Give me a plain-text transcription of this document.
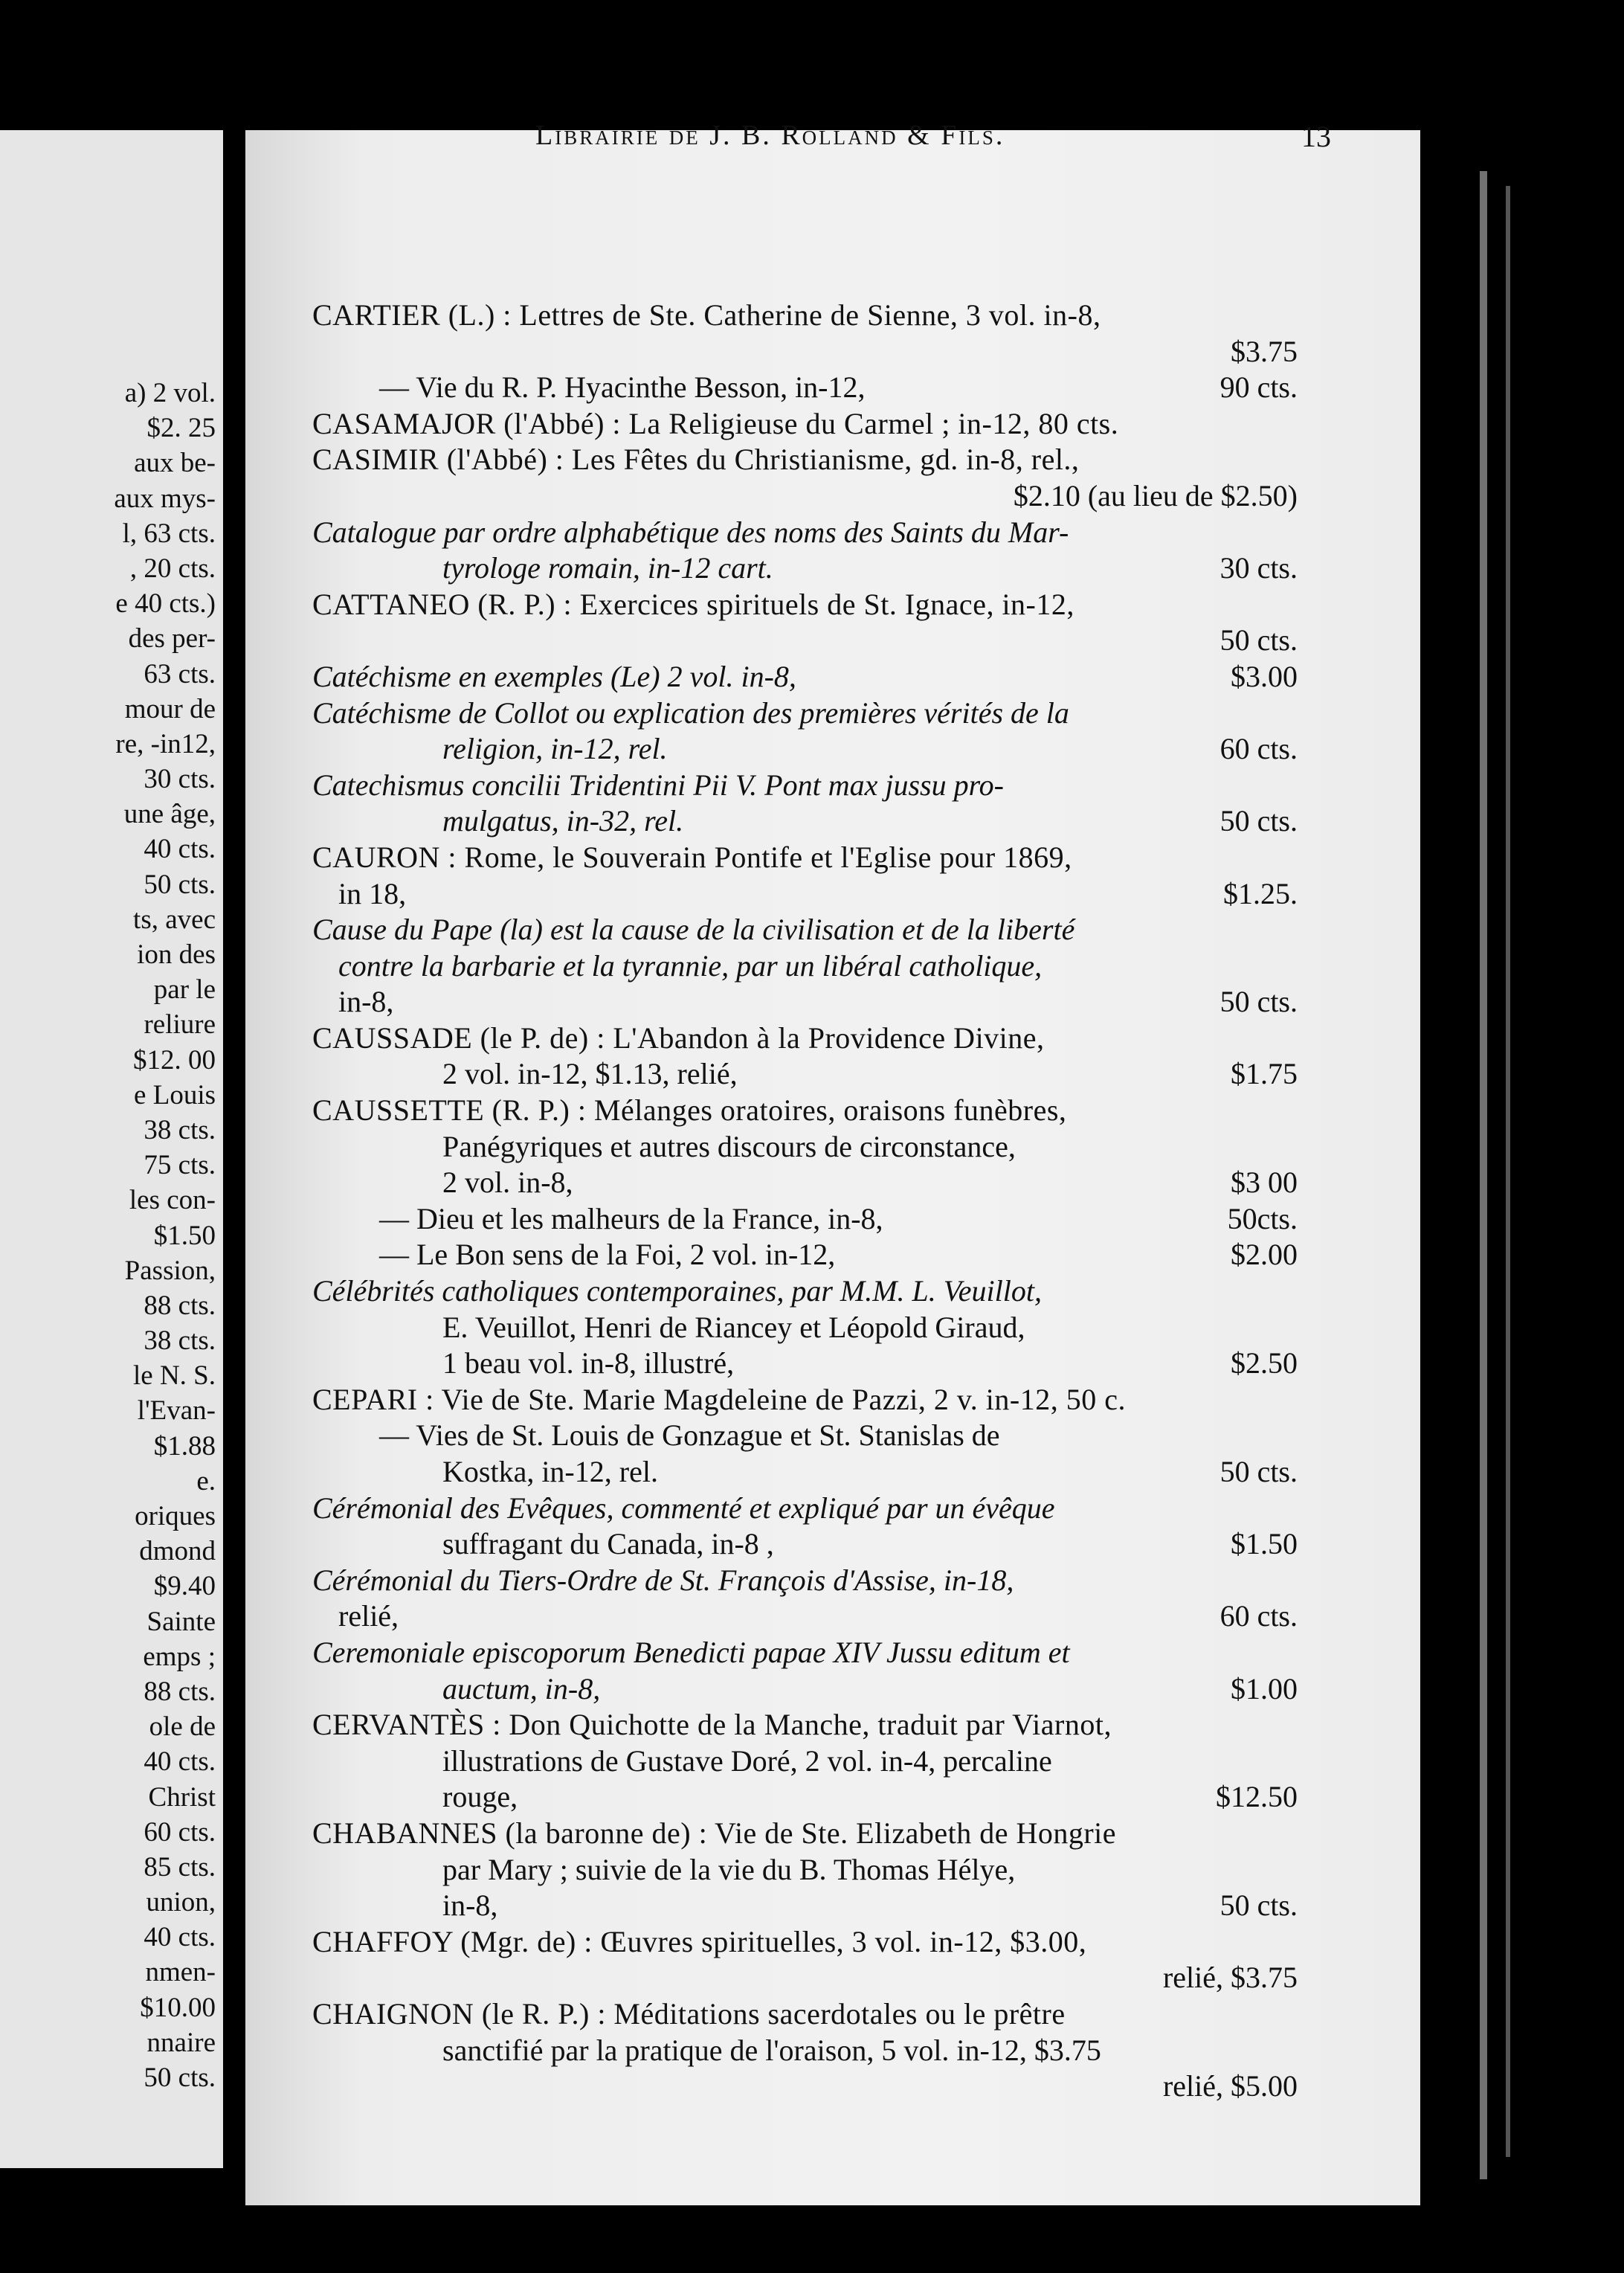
a) 2 vol.
$2. 25
aux be-
aux mys-
l, 63 cts.
, 20 cts.
e 40 cts.)
des per-
63 cts.
mour de
re, -in12,
30 cts.
une âge,
40 cts.
50 cts.
ts, avec
ion des
par le
reliure
$12. 00
e Louis
38 cts.
75 cts.
les con-
$1.50
Passion,
88 cts.
38 cts.
le N. S.
l'Evan-
$1.88
e.
oriques
dmond
$9.40
Sainte
emps ;
88 cts.
ole de
40 cts.
Christ
60 cts.
85 cts.
union,
40 cts.
nmen-
$10.00
nnaire
50 cts.
Librairie de J. B. Rolland & Fils.	13
CARTIER (L.) : Lettres de Ste. Catherine de Sienne, 3 vol. in-8,
$3.75
— Vie du R. P. Hyacinthe Besson, in-12,	90 cts.
CASAMAJOR (l'Abbé) : La Religieuse du Carmel ; in-12, 80 cts.
CASIMIR (l'Abbé) : Les Fêtes du Christianisme, gd. in-8, rel.,
$2.10 (au lieu de $2.50)
Catalogue par ordre alphabétique des noms des Saints du Mar-
tyrologe romain, in-12 cart.	30 cts.
CATTANEO (R. P.) : Exercices spirituels de St. Ignace, in-12,
50 cts.
Catéchisme en exemples (Le) 2 vol. in-8,	$3.00
Catéchisme de Collot ou explication des premières vérités de la
religion, in-12, rel.	60 cts.
Catechismus concilii Tridentini Pii V. Pont max jussu pro-
mulgatus, in-32, rel.	50 cts.
CAURON : Rome, le Souverain Pontife et l'Eglise pour 1869,
in 18,	$1.25.
Cause du Pape (la) est la cause de la civilisation et de la liberté
contre la barbarie et la tyrannie, par un libéral catholique,
in-8,	50 cts.
CAUSSADE (le P. de) : L'Abandon à la Providence Divine,
2 vol. in-12, $1.13, relié,	$1.75
CAUSSETTE (R. P.) : Mélanges oratoires, oraisons funèbres,
Panégyriques et autres discours de circonstance,
2 vol. in-8,	$3 00
— Dieu et les malheurs de la France, in-8,	50cts.
— Le Bon sens de la Foi, 2 vol. in-12,	$2.00
Célébrités catholiques contemporaines, par M.M. L. Veuillot,
E. Veuillot, Henri de Riancey et Léopold Giraud,
1 beau vol. in-8, illustré,	$2.50
CEPARI : Vie de Ste. Marie Magdeleine de Pazzi, 2 v. in-12, 50 c.
— Vies de St. Louis de Gonzague et St. Stanislas de
Kostka, in-12, rel.	50 cts.
Cérémonial des Evêques, commenté et expliqué par un évêque
suffragant du Canada, in-8 ,	$1.50
Cérémonial du Tiers-Ordre de St. François d'Assise, in-18,
relié,	60 cts.
Ceremoniale episcoporum Benedicti papae XIV Jussu editum et
auctum, in-8,	$1.00
CERVANTÈS : Don Quichotte de la Manche, traduit par Viarnot,
illustrations de Gustave Doré, 2 vol. in-4, percaline
rouge,	$12.50
CHABANNES (la baronne de) : Vie de Ste. Elizabeth de Hongrie
par Mary ; suivie de la vie du B. Thomas Hélye,
in-8,	50 cts.
CHAFFOY (Mgr. de) : Œuvres spirituelles, 3 vol. in-12, $3.00,
relié, $3.75
CHAIGNON (le R. P.) : Méditations sacerdotales ou le prêtre
sanctifié par la pratique de l'oraison, 5 vol. in-12, $3.75
relié, $5.00
